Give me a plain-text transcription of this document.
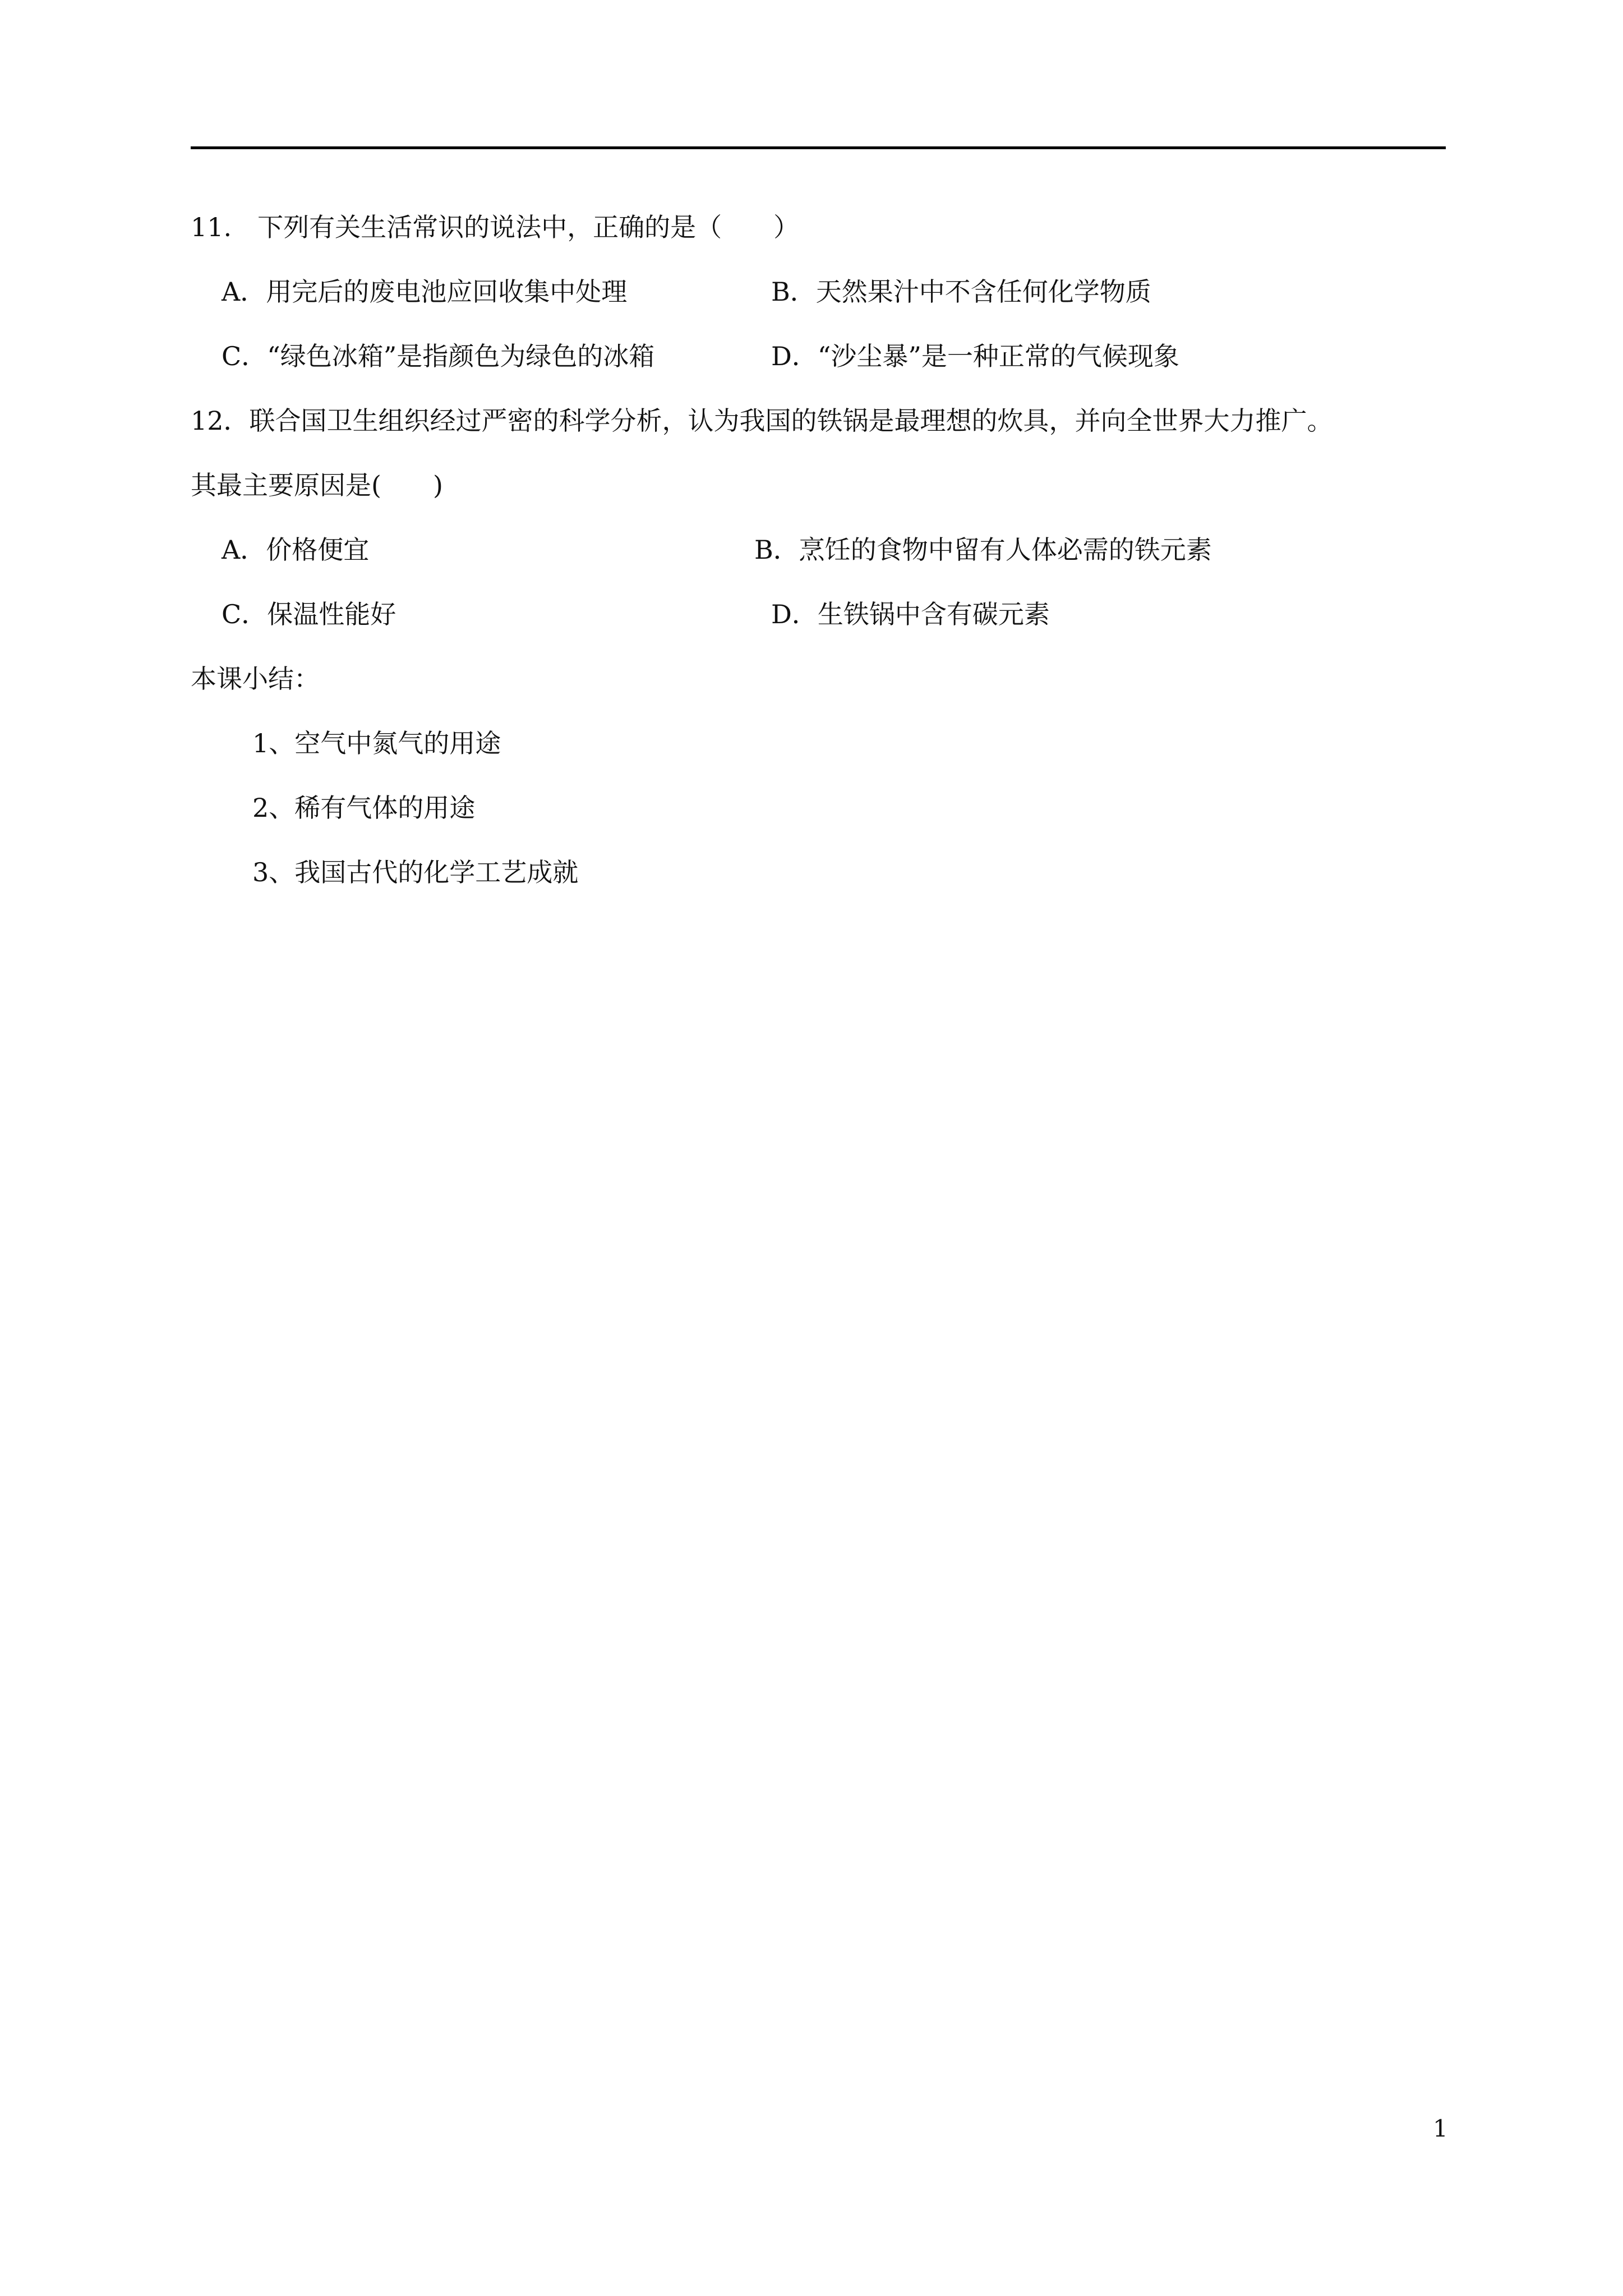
11.　下列有关生活常识的说法中，正确的是（　　）
A．用完后的废电池应回收集中处理	B．天然果汁中不含任何化学物质
C．“绿色冰箱”是指颜色为绿色的冰箱	D．“沙尘暴”是一种正常的气候现象
12．联合国卫生组织经过严密的科学分析，认为我国的铁锅是最理想的炊具，并向全世界大力推广。
其最主要原因是(　　)
A．价格便宜	B．烹饪的食物中留有人体必需的铁元素
C．保温性能好	D．生铁锅中含有碳元素
本课小结：
1、空气中氮气的用途
2、稀有气体的用途
3、我国古代的化学工艺成就
1
